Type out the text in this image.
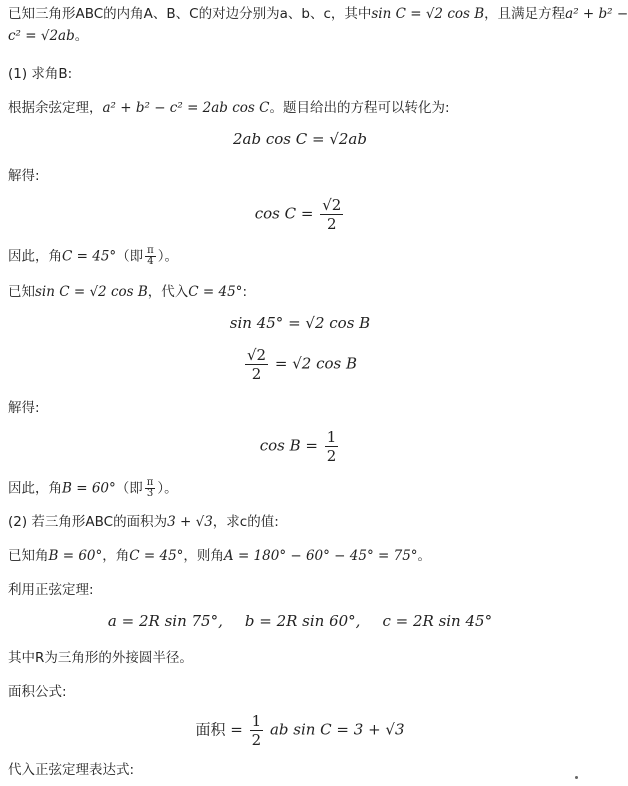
已知三角形ABC的内角A、B、C的对边分别为a、b、c，其中sin C = √2 cos B，且满足方程a² + b² −
c² = √2ab。
(1) 求角B:
根据余弦定理，a² + b² − c² = 2ab cos C。题目给出的方程可以转化为:
2ab cos C = √2ab
解得:
$\cos C = \frac{√2}{2}$
因此，角C = 45°（即 $\frac{\pi}{4}$ ）。
已知sin C = √2 cos B，代入C = 45°:
sin 45° = √2 cos B
$\frac{√2}{2} = √2$ cos B
解得:
$\cos B = \frac{1}{2}$
因此，角B = 60°（即 $\frac{\pi}{3}$ ）。
(2) 若三角形ABC的面积为3 + √3，求c的值:
已知角B = 60°，角C = 45°，则角A = 180° − 60° − 45° = 75°。
利用正弦定理:
a = 2R sin 75°, b = 2R sin 60°, c = 2R sin 45°
其中R为三角形的外接圆半径。
面积公式:
面积 = $\frac{1}{2}$ ab sin C = 3 + √3
代入正弦定理表达式:
